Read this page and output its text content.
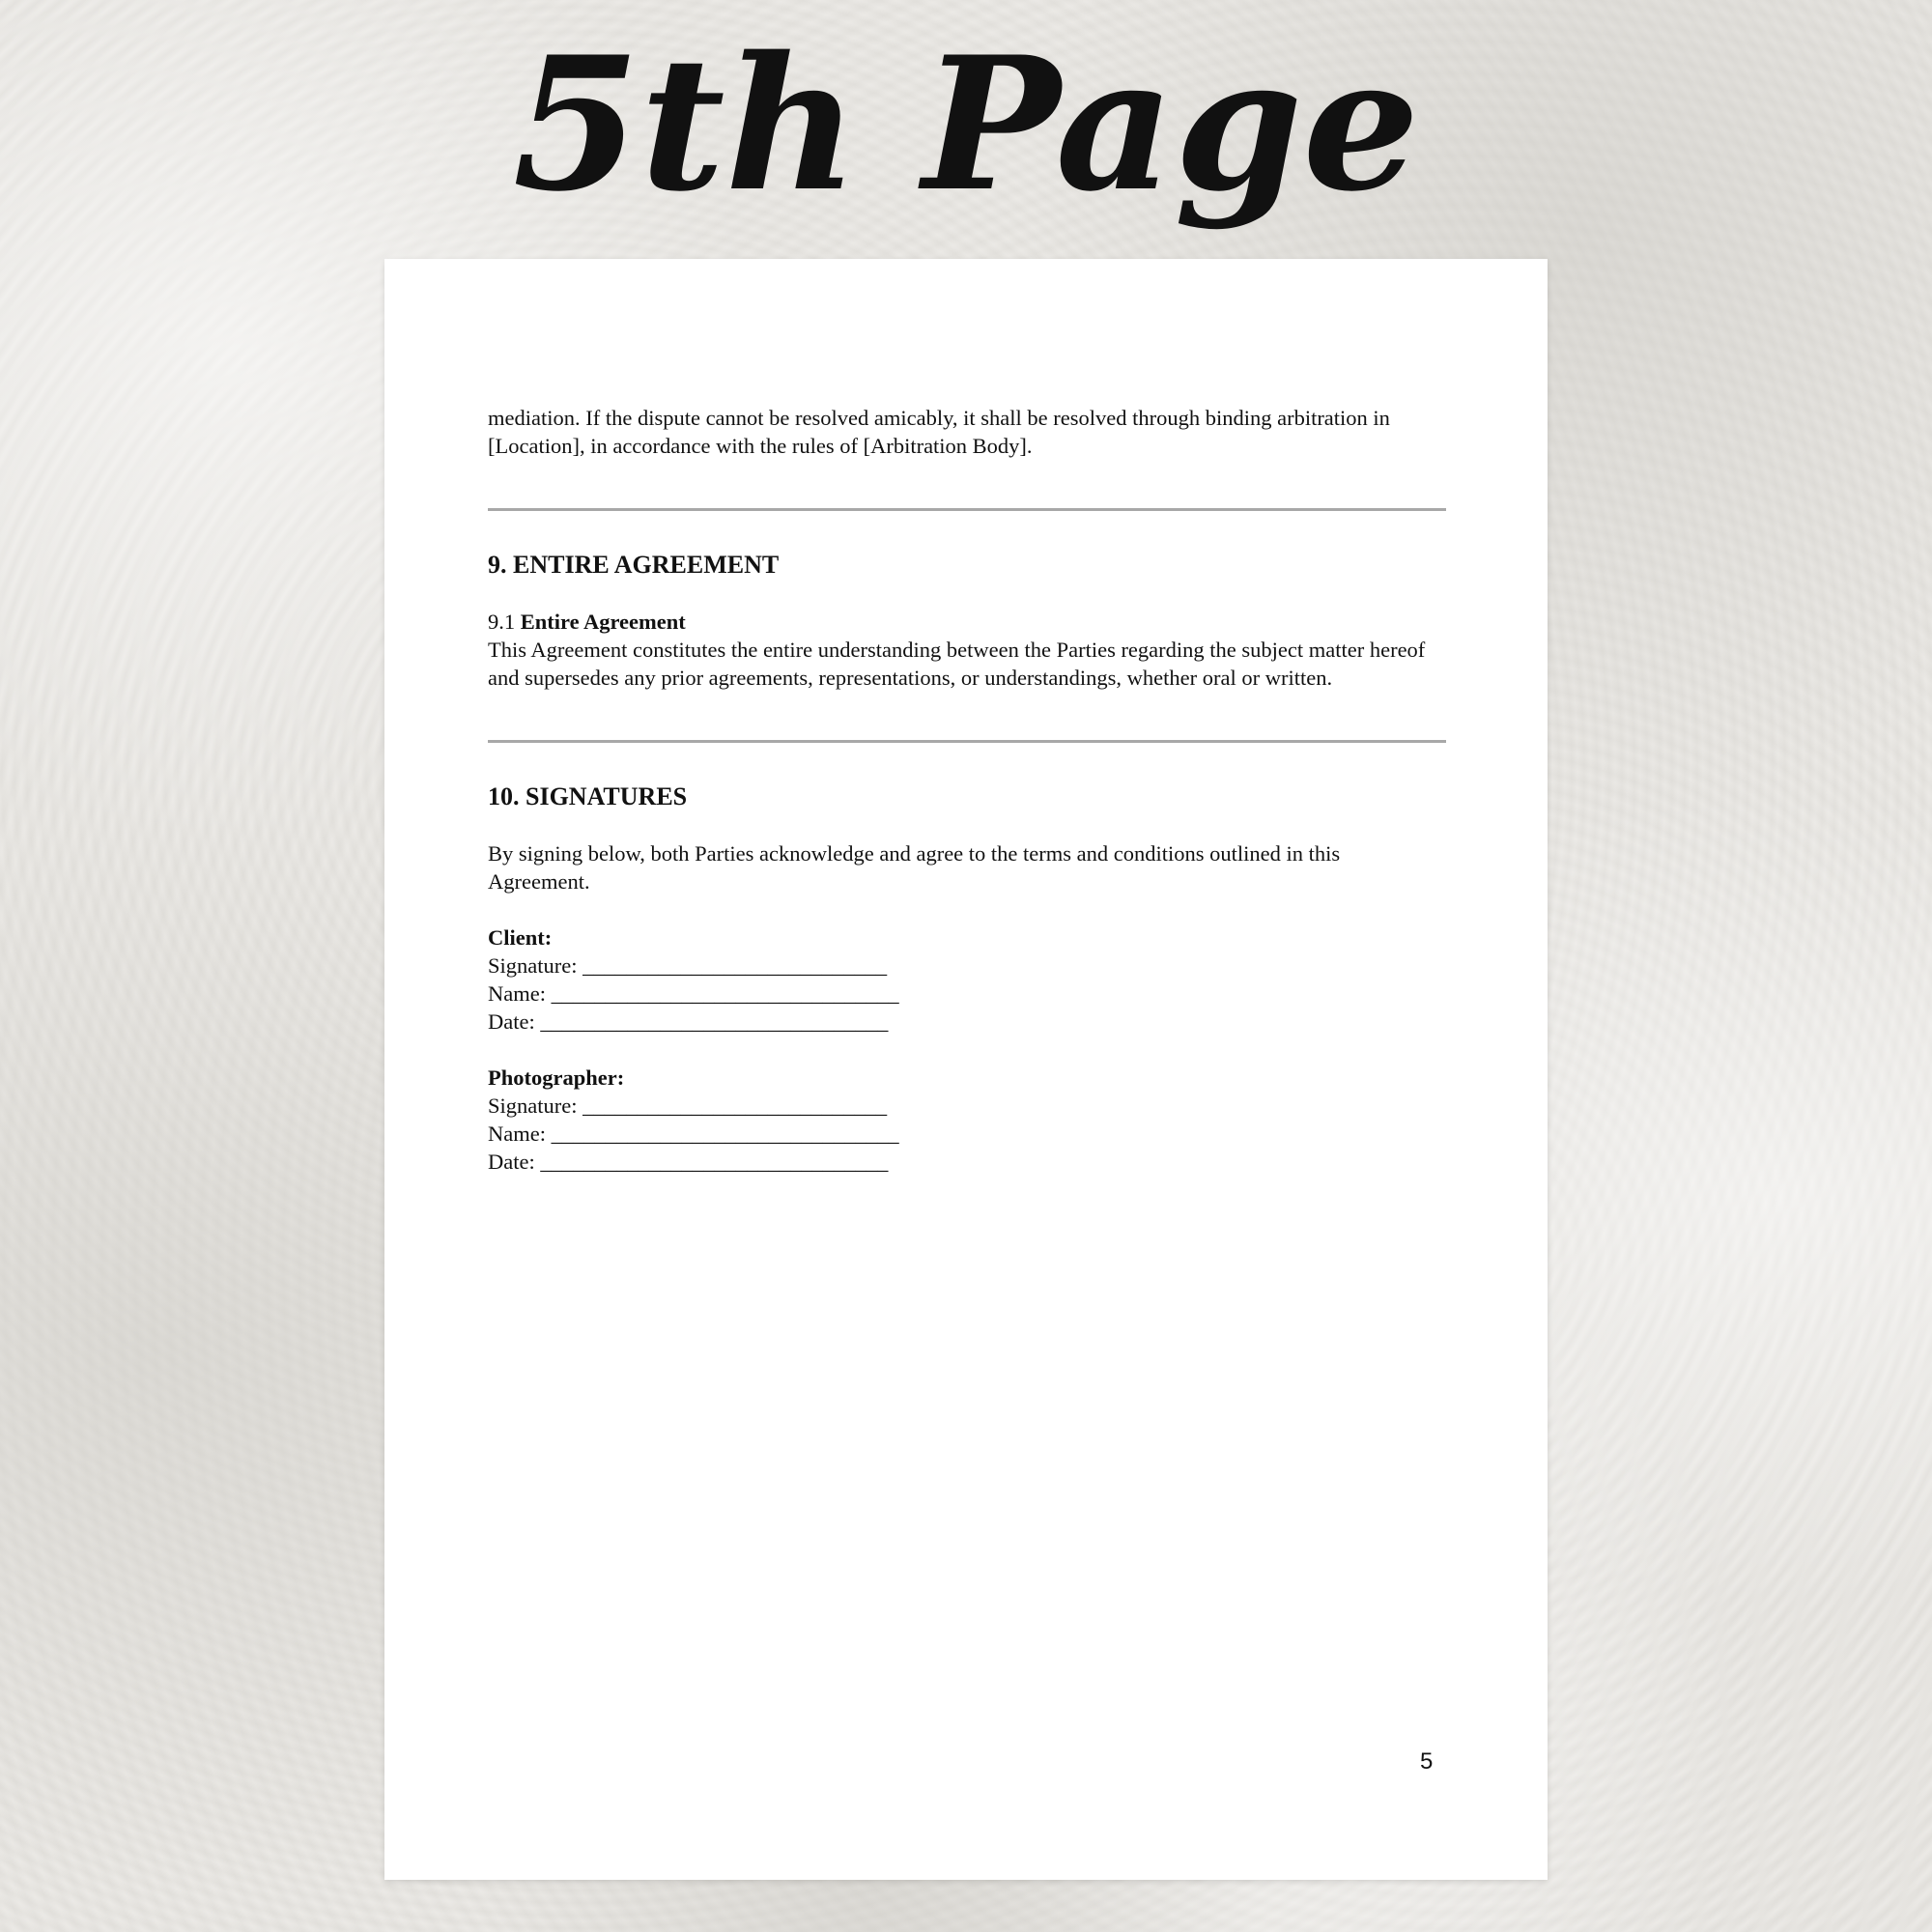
5th Page

mediation. If the dispute cannot be resolved amicably, it shall be resolved through binding arbitration in [Location], in accordance with the rules of [Arbitration Body].

9. ENTIRE AGREEMENT

9.1 Entire Agreement

This Agreement constitutes the entire understanding between the Parties regarding the subject matter hereof and supersedes any prior agreements, representations, or understandings, whether oral or written.

10. SIGNATURES

By signing below, both Parties acknowledge and agree to the terms and conditions outlined in this Agreement.

Client:

Signature: ____________________________

Name: ________________________________

Date: ________________________________

Photographer:

Signature: ____________________________

Name: ________________________________

Date: ________________________________

5
